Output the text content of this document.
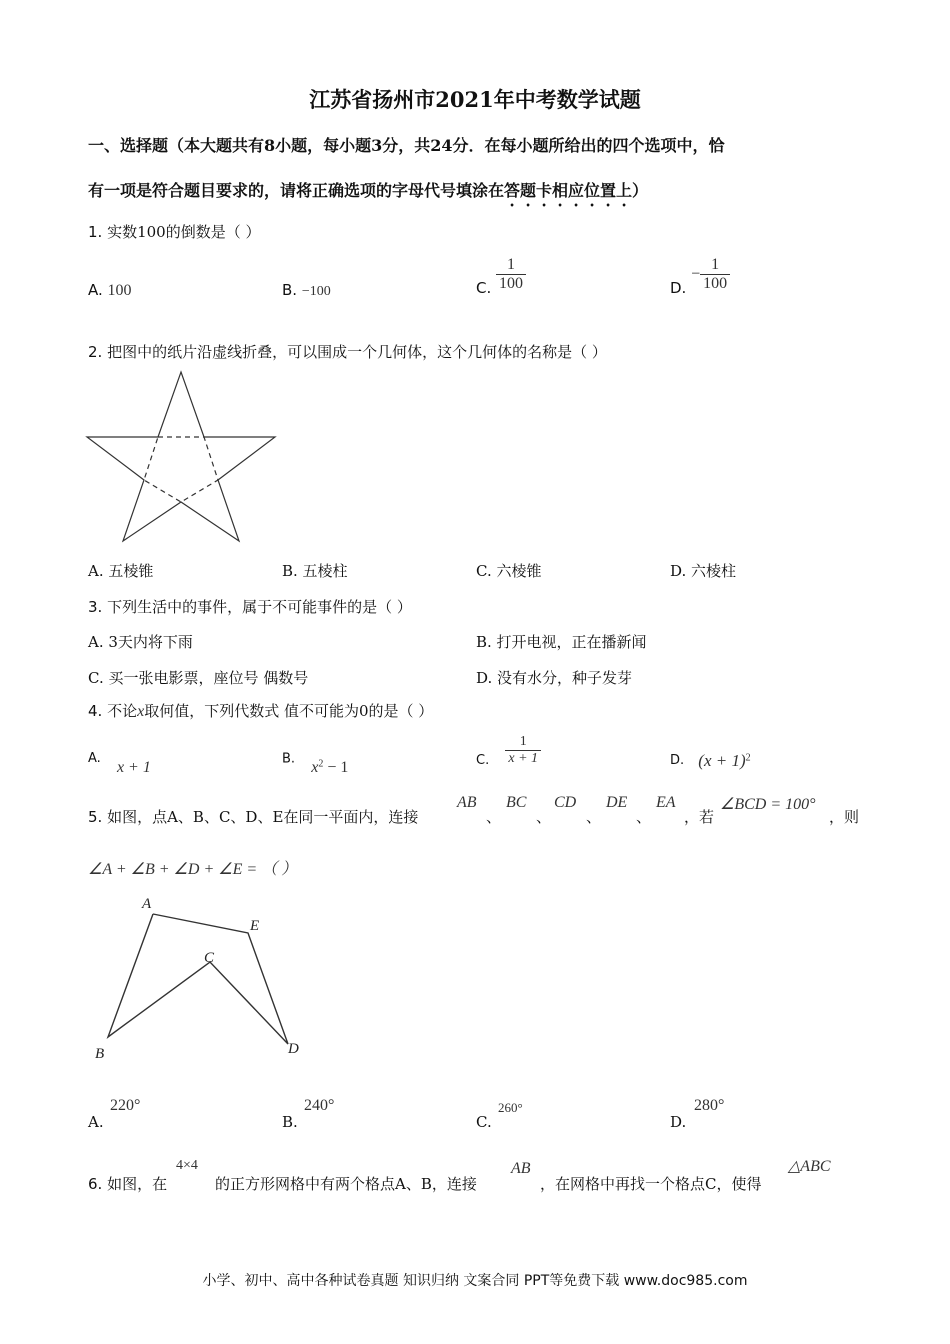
江苏省扬州市2021年中考数学试题
一、选择题（本大题共有8小题，每小题3分，共24分．在每小题所给出的四个选项中，恰
有一项是符合题目要求的，请将正确选项的字母代号填涂在答题卡相应位置上）
1. 实数100的倒数是（ ）
A. 100	B. −100	C. $\frac{1}{100}$	D. − $\frac{1}{100}$
2. 把图中的纸片沿虚线折叠，可以围成一个几何体，这个几何体的名称是（ ）
A. 五棱锥	B. 五棱柱	C. 六棱锥	D. 六棱柱
3. 下列生活中的事件，属于不可能事件的是（ ）
A. 3天内将下雨	B. 打开电视，正在播新闻
C. 买一张电影票，座位号 偶数号	D. 没有水分，种子发芽
4. 不论x取何值，下列代数式 值不可能为0的是（ ）
A. x + 1
B. $x^2 - 1$	C. $\frac{1}{x + 1}$	D. $(x + 1)^2$
5. 如图，点A、B、C、D、E在同一平面内，连接
AB
、
BC
、
CD
、
DE
、
EA
，若
∠BCD = 100°
，则
∠A + ∠B + ∠D + ∠E = （ ）
A
E
C
B	D
A.
220°
B.
240°
C.
260°
D.
280°
6. 如图，在
4×4
的正方形网格中有两个格点A、B，连接
AB
，在网格中再找一个格点C，使得
△ABC
小学、初中、高中各种试卷真题 知识归纳 文案合同 PPT等免费下载 www.doc985.com
